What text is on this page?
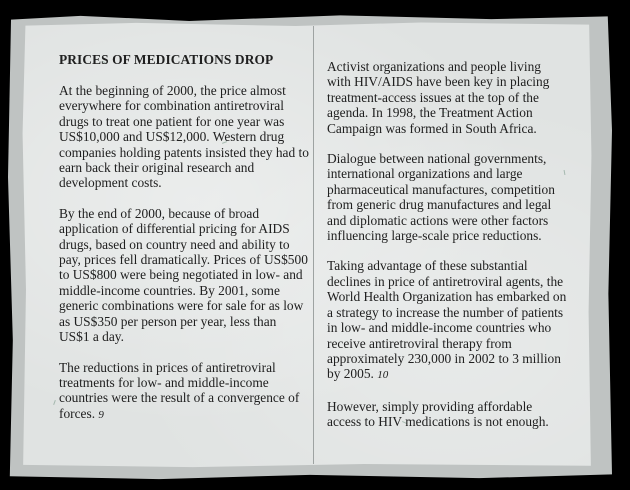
PRICES OF MEDICATIONS DROP

At the beginning of 2000, the price almost everywhere for combination antiretroviral drugs to treat one patient for one year was US$10,000 and US$12,000. Western drug companies holding patents insisted they had to earn back their original research and development costs.

By the end of 2000, because of broad application of differential pricing for AIDS drugs, based on country need and ability to pay, prices fell dramatically. Prices of US$500 to US$800 were being negotiated in low- and middle-income countries. By 2001, some generic combinations were for sale for as low as US$350 per person per year, less than US$1 a day.

The reductions in prices of antiretroviral treatments for low- and middle-income countries were the result of a convergence of forces. 9

Activist organizations and people living with HIV/AIDS have been key in placing treatment-access issues at the top of the agenda. In 1998, the Treatment Action Campaign was formed in South Africa.

Dialogue between national governments, international organizations and large pharmaceutical manufactures, competition from generic drug manufactures and legal and diplomatic actions were other factors influencing large-scale price reductions.

Taking advantage of these substantial declines in price of antiretroviral agents, the World Health Organization has embarked on a strategy to increase the number of patients in low- and middle-income countries who receive antiretroviral therapy from approximately 230,000 in 2002 to 3 million by 2005. 10

However, simply providing affordable access to HIV medications is not enough.
